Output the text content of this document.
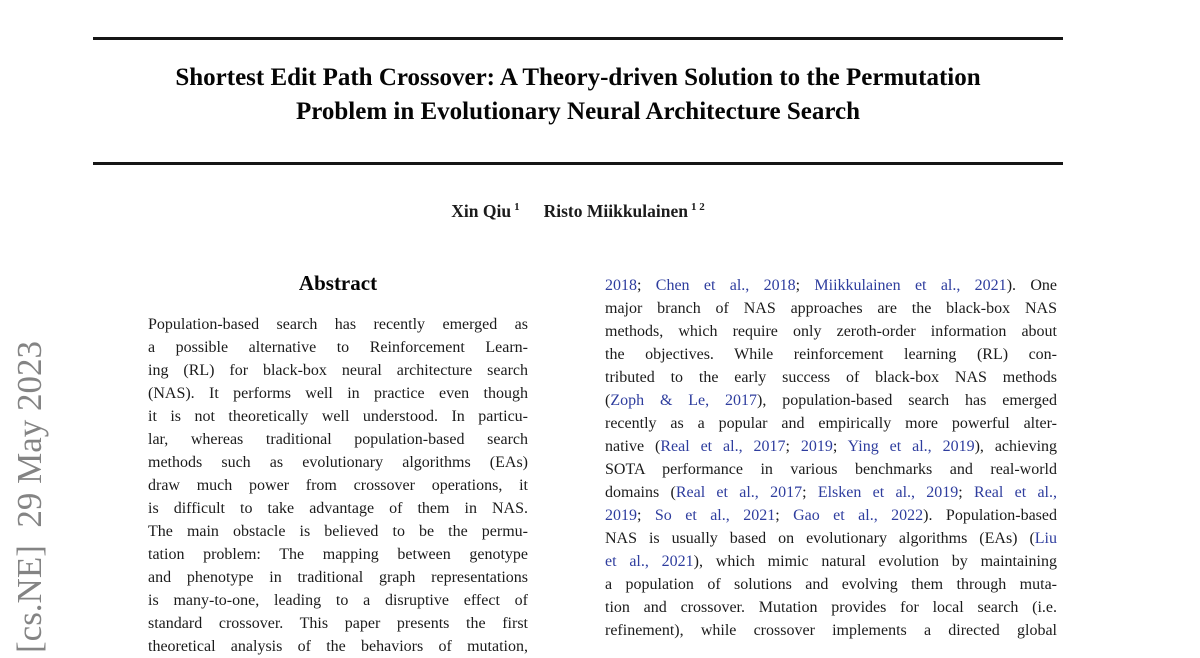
[cs.NE]  29 May 2023
Shortest Edit Path Crossover: A Theory-driven Solution to the Permutation
Problem in Evolutionary Neural Architecture Search
Xin Qiu $^1$ Risto Miikkulainen $^{1 2}$
Abstract
Population-based search has recently emerged as
a possible alternative to Reinforcement Learn-
ing (RL) for black-box neural architecture search
(NAS). It performs well in practice even though
it is not theoretically well understood. In particu-
lar, whereas traditional population-based search
methods such as evolutionary algorithms (EAs)
draw much power from crossover operations, it
is difficult to take advantage of them in NAS.
The main obstacle is believed to be the permu-
tation problem: The mapping between genotype
and phenotype in traditional graph representations
is many-to-one, leading to a disruptive effect of
standard crossover. This paper presents the first
theoretical analysis of the behaviors of mutation,
2018; Chen et al., 2018; Miikkulainen et al., 2021). One
major branch of NAS approaches are the black-box NAS
methods, which require only zeroth-order information about
the objectives. While reinforcement learning (RL) con-
tributed to the early success of black-box NAS methods
(Zoph & Le, 2017), population-based search has emerged
recently as a popular and empirically more powerful alter-
native (Real et al., 2017; 2019; Ying et al., 2019), achieving
SOTA performance in various benchmarks and real-world
domains (Real et al., 2017; Elsken et al., 2019; Real et al.,
2019; So et al., 2021; Gao et al., 2022). Population-based
NAS is usually based on evolutionary algorithms (EAs) (Liu
et al., 2021), which mimic natural evolution by maintaining
a population of solutions and evolving them through muta-
tion and crossover. Mutation provides for local search (i.e.
refinement), while crossover implements a directed global
